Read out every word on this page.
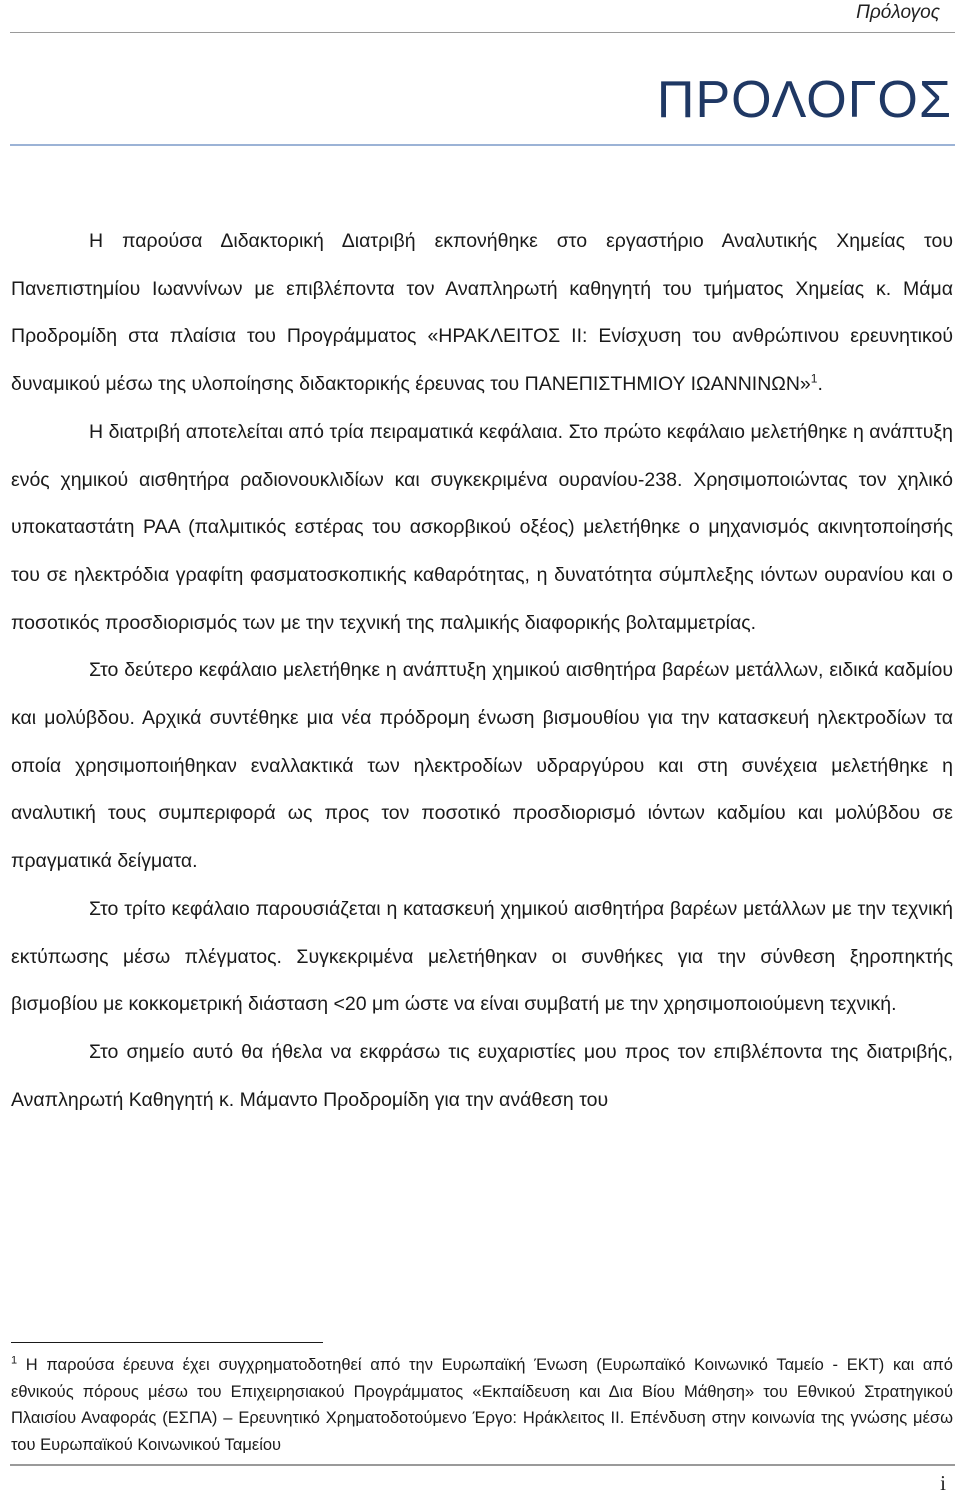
Πρόλογος
ΠΡΟΛΟΓΟΣ

Η παρούσα Διδακτορική Διατριβή εκπονήθηκε στο εργαστήριο Αναλυτικής Χημείας του Πανεπιστημίου Ιωαννίνων με επιβλέποντα τον Αναπληρωτή καθηγητή του τμήματος Χημείας κ. Μάμα Προδρομίδη στα πλαίσια του Προγράμματος «ΗΡΑΚΛΕΙΤΟΣ ΙΙ: Ενίσχυση του ανθρώπινου ερευνητικού δυναμικού μέσω της υλοποίησης διδακτορικής έρευνας του ΠΑΝΕΠΙΣΤΗΜΙΟΥ ΙΩΑΝΝΙΝΩΝ»$^1$.

Η διατριβή αποτελείται από τρία πειραματικά κεφάλαια. Στο πρώτο κεφάλαιο μελετήθηκε η ανάπτυξη ενός χημικού αισθητήρα ραδιονουκλιδίων και συγκεκριμένα ουρανίου-238. Χρησιμοποιώντας τον χηλικό υποκαταστάτη PAA (παλμιτικός εστέρας του ασκορβικού οξέος) μελετήθηκε ο μηχανισμός ακινητοποίησής του σε ηλεκτρόδια γραφίτη φασματοσκοπικής καθαρότητας, η δυνατότητα σύμπλεξης ιόντων ουρανίου και ο ποσοτικός προσδιορισμός των με την τεχνική της παλμικής διαφορικής βολταμμετρίας.

Στο δεύτερο κεφάλαιο μελετήθηκε η ανάπτυξη χημικού αισθητήρα βαρέων μετάλλων, ειδικά καδμίου και μολύβδου. Αρχικά συντέθηκε μια νέα πρόδρομη ένωση βισμουθίου για την κατασκευή ηλεκτροδίων τα οποία χρησιμοποιήθηκαν εναλλακτικά των ηλεκτροδίων υδραργύρου και στη συνέχεια μελετήθηκε η αναλυτική τους συμπεριφορά ως προς τον ποσοτικό προσδιορισμό ιόντων καδμίου και μολύβδου σε πραγματικά δείγματα.

Στο τρίτο κεφάλαιο παρουσιάζεται η κατασκευή χημικού αισθητήρα βαρέων μετάλλων με την τεχνική εκτύπωσης μέσω πλέγματος. Συγκεκριμένα μελετήθηκαν οι συνθήκες για την σύνθεση ξηροπηκτής βισμοβίου με κοκκομετρική διάσταση <20 μm ώστε να είναι συμβατή με την χρησιμοποιούμενη τεχνική.

Στο σημείο αυτό θα ήθελα να εκφράσω τις ευχαριστίες μου προς τον επιβλέποντα της διατριβής, Αναπληρωτή Καθηγητή κ. Μάμαντο Προδρομίδη για την ανάθεση του

$^1$ Η παρούσα έρευνα έχει συγχρηματοδοτηθεί από την Ευρωπαϊκή Ένωση (Ευρωπαϊκό Κοινωνικό Ταμείο - ΕΚΤ) και από εθνικούς πόρους μέσω του Επιχειρησιακού Προγράμματος «Εκπαίδευση και Δια Βίου Μάθηση» του Εθνικού Στρατηγικού Πλαισίου Αναφοράς (ΕΣΠΑ) – Ερευνητικό Χρηματοδοτούμενο Έργο: Ηράκλειτος ΙΙ. Επένδυση στην κοινωνία της γνώσης μέσω του Ευρωπαϊκού Κοινωνικού Ταμείου

i
